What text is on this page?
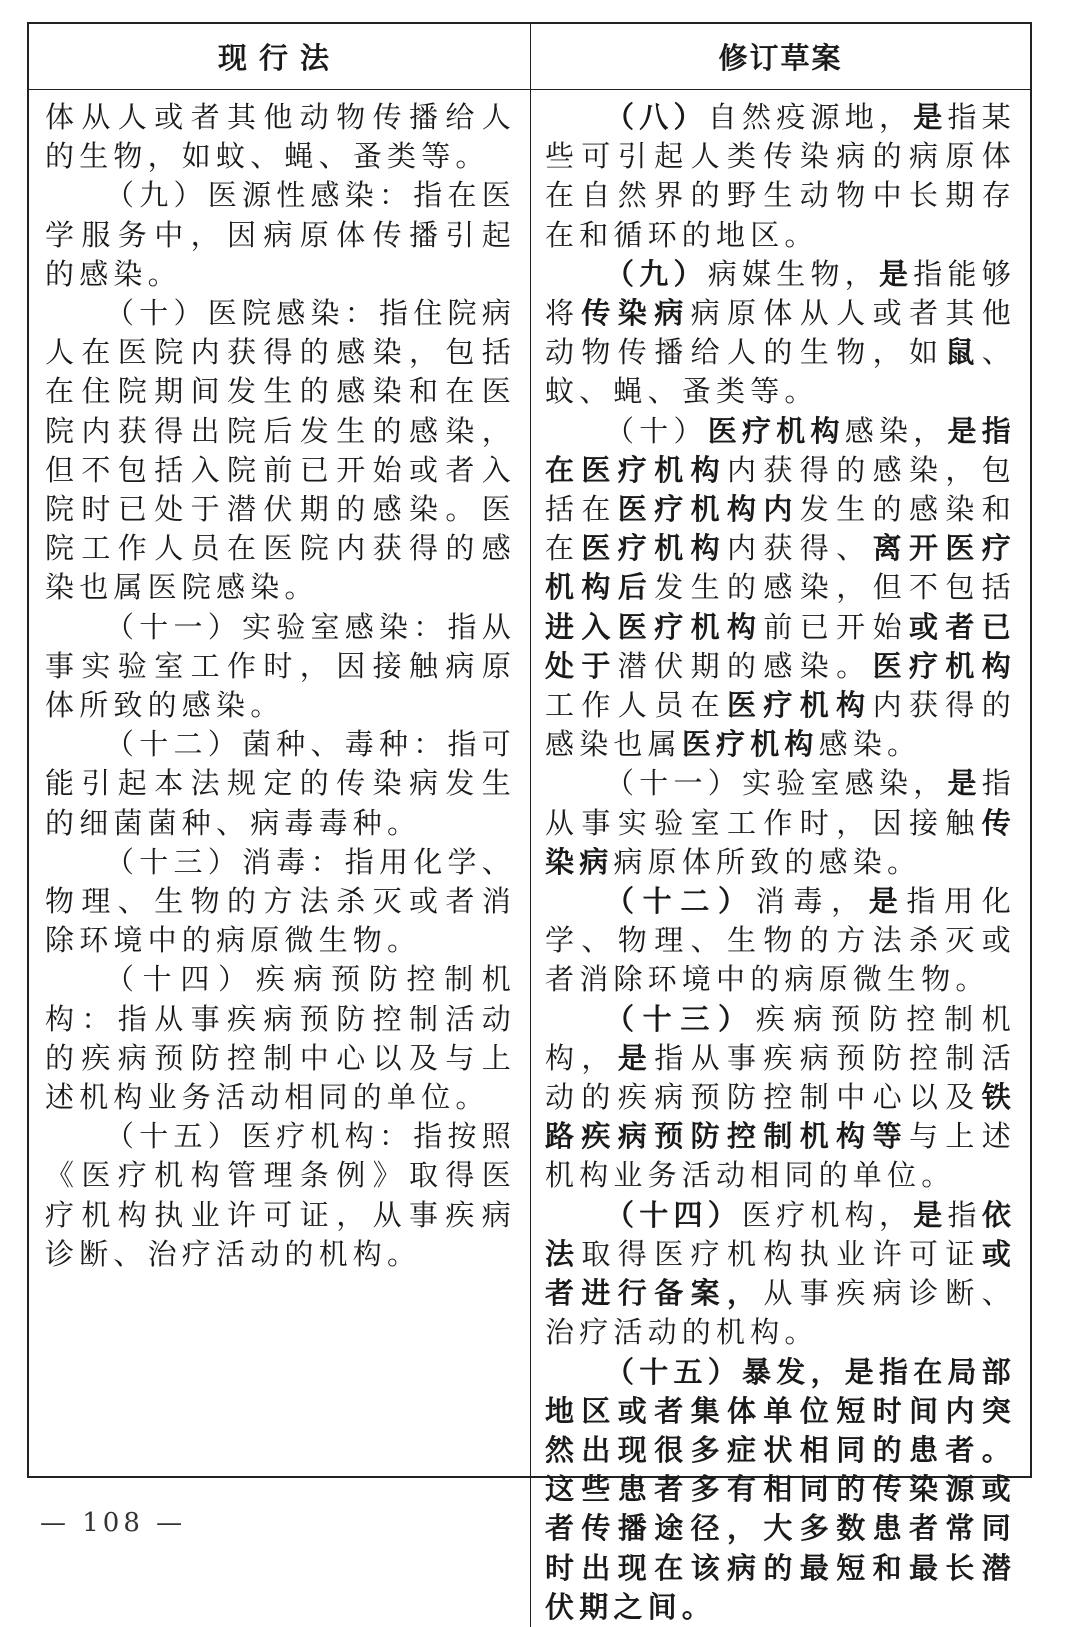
现行法	修订草案

体从人或者其他动物传播给人的生物，如蚊、蝇、蚤类等。

（九）医源性感染：指在医学服务中，因病原体传播引起的感染。

（十）医院感染：指住院病人在医院内获得的感染，包括在住院期间发生的感染和在医院内获得出院后发生的感染，但不包括入院前已开始或者入院时已处于潜伏期的感染。医院工作人员在医院内获得的感染也属医院感染。

（十一）实验室感染：指从事实验室工作时，因接触病原体所致的感染。

（十二）菌种、毒种：指可能引起本法规定的传染病发生的细菌菌种、病毒毒种。

（十三）消毒：指用化学、物理、生物的方法杀灭或者消除环境中的病原微生物。

（十四）疾病预防控制机构：指从事疾病预防控制活动的疾病预防控制中心以及与上述机构业务活动相同的单位。

（十五）医疗机构：指按照《医疗机构管理条例》取得医疗机构执业许可证，从事疾病诊断、治疗活动的机构。

（八）自然疫源地，是指某些可引起人类传染病的病原体在自然界的野生动物中长期存在和循环的地区。

（九）病媒生物，是指能够将传染病病原体从人或者其他动物传播给人的生物，如鼠、蚊、蝇、蚤类等。

（十）医疗机构感染，是指在医疗机构内获得的感染，包括在医疗机构内发生的感染和在医疗机构内获得、离开医疗机构后发生的感染，但不包括进入医疗机构前已开始或者已处于潜伏期的感染。医疗机构工作人员在医疗机构内获得的感染也属医疗机构感染。

（十一）实验室感染，是指从事实验室工作时，因接触传染病病原体所致的感染。

（十二）消毒，是指用化学、物理、生物的方法杀灭或者消除环境中的病原微生物。

（十三）疾病预防控制机构，是指从事疾病预防控制活动的疾病预防控制中心以及铁路疾病预防控制机构等与上述机构业务活动相同的单位。

（十四）医疗机构，是指依法取得医疗机构执业许可证或者进行备案，从事疾病诊断、治疗活动的机构。

（十五）暴发，是指在局部地区或者集体单位短时间内突然出现很多症状相同的患者。这些患者多有相同的传染源或者传播途径，大多数患者常同时出现在该病的最短和最长潜伏期之间。

— 108 —
